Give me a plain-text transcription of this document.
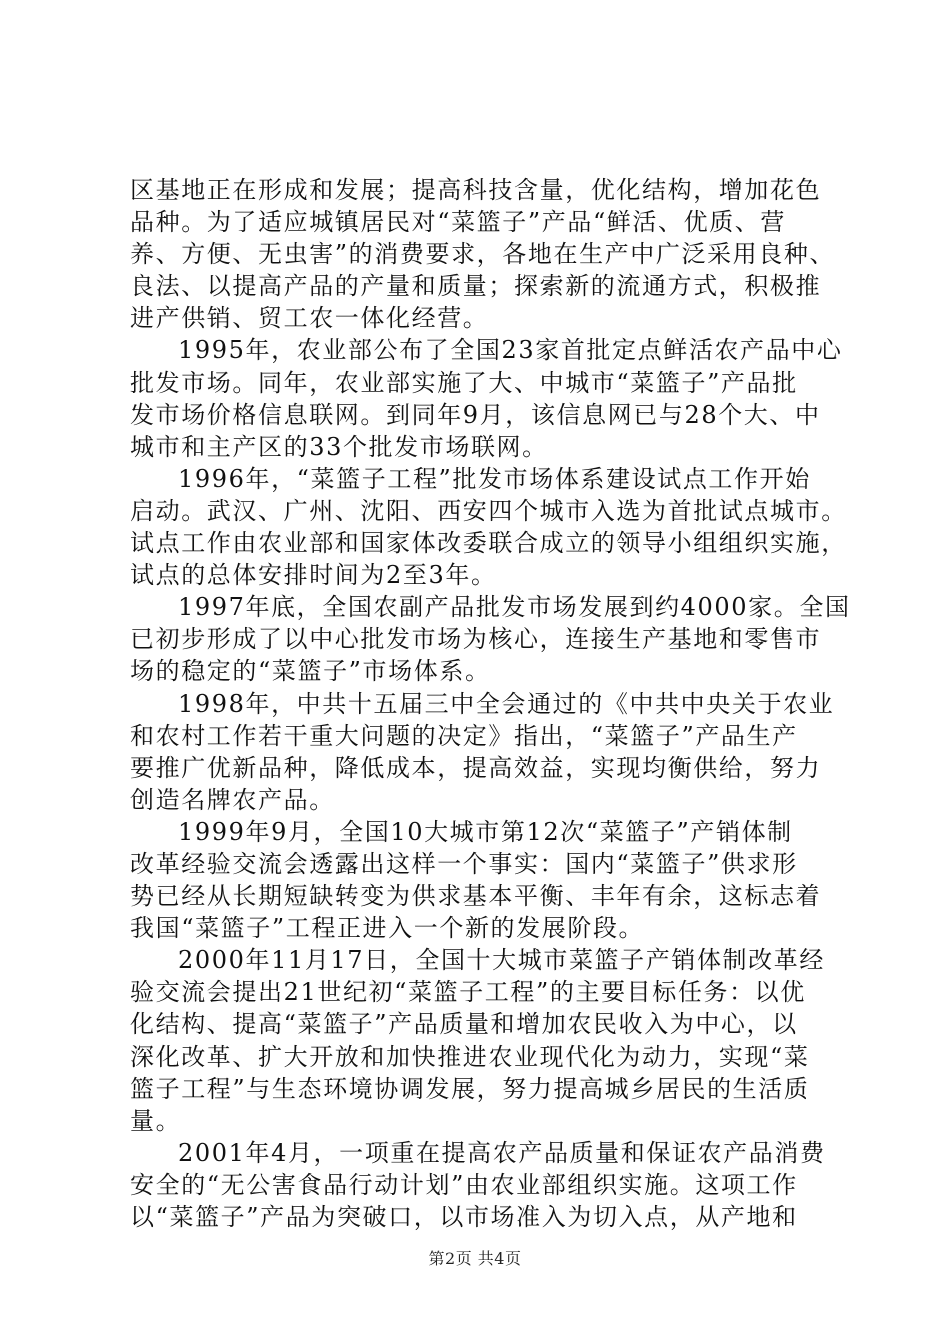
区基地正在形成和发展；提高科技含量，优化结构，增加花色
品种。为了适应城镇居民对“菜篮子”产品“鲜活、优质、营
养、方便、无虫害”的消费要求，各地在生产中广泛采用良种、
良法、以提高产品的产量和质量；探索新的流通方式，积极推
进产供销、贸工农一体化经营。
1995年，农业部公布了全国23家首批定点鲜活农产品中心
批发市场。同年，农业部实施了大、中城市“菜篮子”产品批
发市场价格信息联网。到同年9月，该信息网已与28个大、中
城市和主产区的33个批发市场联网。
1996年，“菜篮子工程”批发市场体系建设试点工作开始
启动。武汉、广州、沈阳、西安四个城市入选为首批试点城市。
试点工作由农业部和国家体改委联合成立的领导小组组织实施，
试点的总体安排时间为2至3年。
1997年底，全国农副产品批发市场发展到约4000家。全国
已初步形成了以中心批发市场为核心，连接生产基地和零售市
场的稳定的“菜篮子”市场体系。
1998年，中共十五届三中全会通过的《中共中央关于农业
和农村工作若干重大问题的决定》指出，“菜篮子”产品生产
要推广优新品种，降低成本，提高效益，实现均衡供给，努力
创造名牌农产品。
1999年9月，全国10大城市第12次“菜篮子”产销体制
改革经验交流会透露出这样一个事实：国内“菜篮子”供求形
势已经从长期短缺转变为供求基本平衡、丰年有余，这标志着
我国“菜篮子”工程正进入一个新的发展阶段。
2000年11月17日，全国十大城市菜篮子产销体制改革经
验交流会提出21世纪初“菜篮子工程”的主要目标任务：以优
化结构、提高“菜篮子”产品质量和增加农民收入为中心，以
深化改革、扩大开放和加快推进农业现代化为动力，实现“菜
篮子工程”与生态环境协调发展，努力提高城乡居民的生活质
量。
2001年4月，一项重在提高农产品质量和保证农产品消费
安全的“无公害食品行动计划”由农业部组织实施。这项工作
以“菜篮子”产品为突破口，以市场准入为切入点，从产地和
第2页 共4页
